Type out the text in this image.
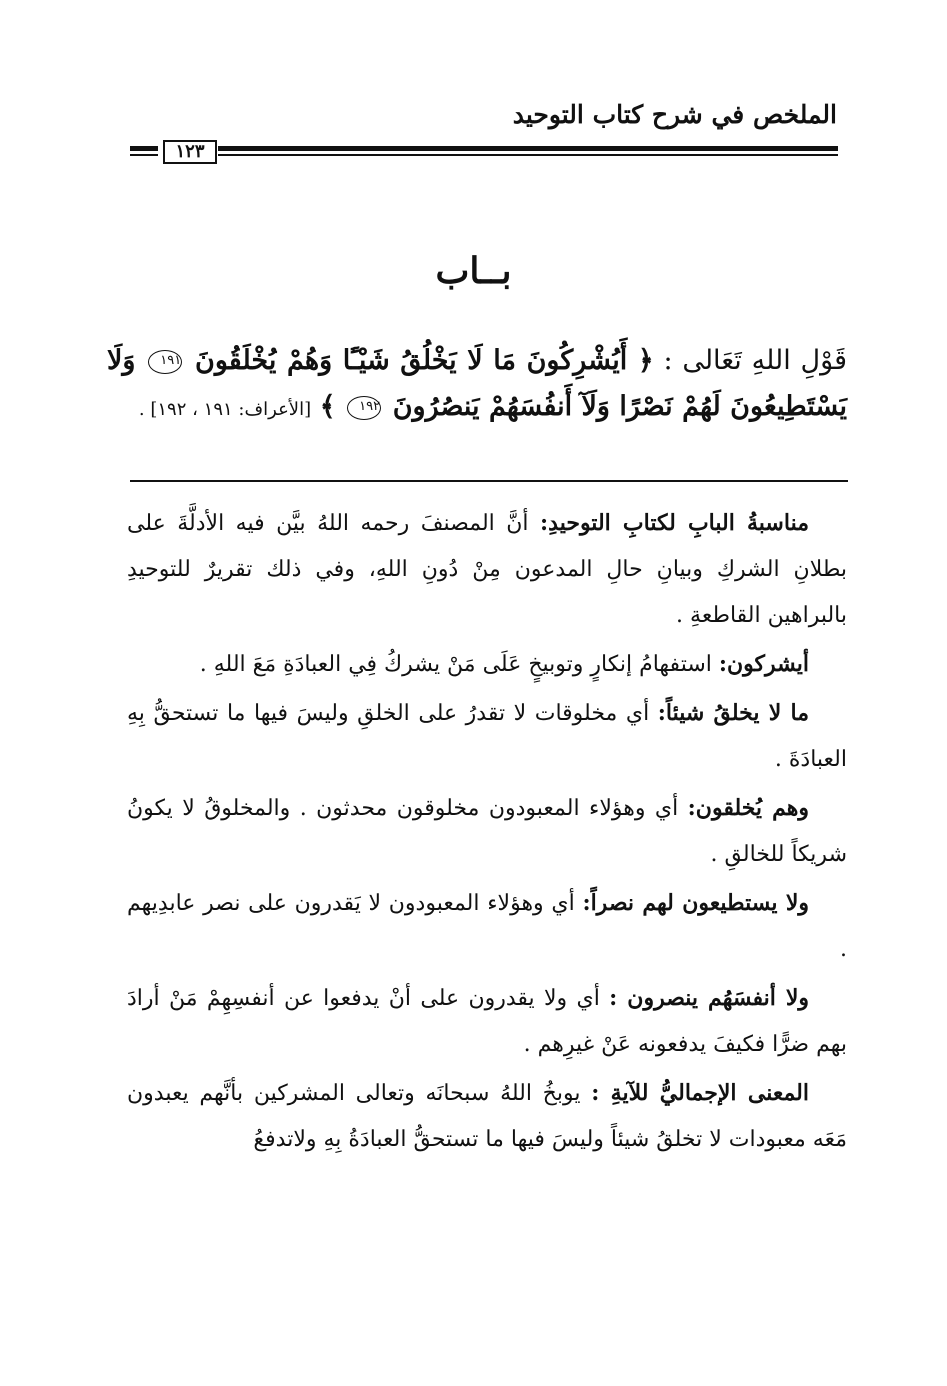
الملخص في شرح كتاب التوحيد
١٢٣
بــاب
قَوْلِ اللهِ تَعَالى : ﴿ أَيُشْرِكُونَ مَا لَا يَخْلُقُ شَيْـًٔا وَهُمْ يُخْلَقُونَ ١٩١ وَلَا يَسْتَطِيعُونَ لَهُمْ نَصْرًا وَلَآ أَنفُسَهُمْ يَنصُرُونَ ١٩٢ ﴾ [الأعراف: ١٩١ ، ١٩٢] .

مناسبةُ البابِ لكتابِ التوحيدِ: أنَّ المصنفَ رحمه اللهُ بيَّن فيه الأدلَّةَ على بطلانِ الشركِ وبيانِ حالِ المدعون مِنْ دُونِ اللهِ، وفي ذلك تقريرٌ للتوحيدِ بالبراهين القاطعةِ .

أيشركون: استفهامُ إنكارٍ وتوبيخٍ عَلَى مَنْ يشركُ فِي العبادَةِ مَعَ اللهِ .

ما لا يخلقُ شيئاً: أي مخلوقات لا تقدرُ على الخلقِ وليسَ فيها ما تستحقُّ بِهِ العبادَةَ .

وهم يُخلقون: أي وهؤلاء المعبودون مخلوقون محدثون . والمخلوقُ لا يكونُ شريكاً للخالقِ .

ولا يستطيعون لهم نصراً: أي وهؤلاء المعبودون لا يَقدرون على نصر عابدِيهم .

ولا أنفسَهُم ينصرون : أي ولا يقدرون على أنْ يدفعوا عن أنفسِهِمْ مَنْ أرادَ بهم ضرًّا فكيفَ يدفعونه عَنْ غيرِهم .

المعنى الإجماليُّ للآيةِ : يوبخُ اللهُ سبحانَه وتعالى المشركين بأنَّهم يعبدون مَعَه معبودات لا تخلقُ شيئاً وليسَ فيها ما تستحقُّ العبادَةُ بِهِ ولاتدفعُ
